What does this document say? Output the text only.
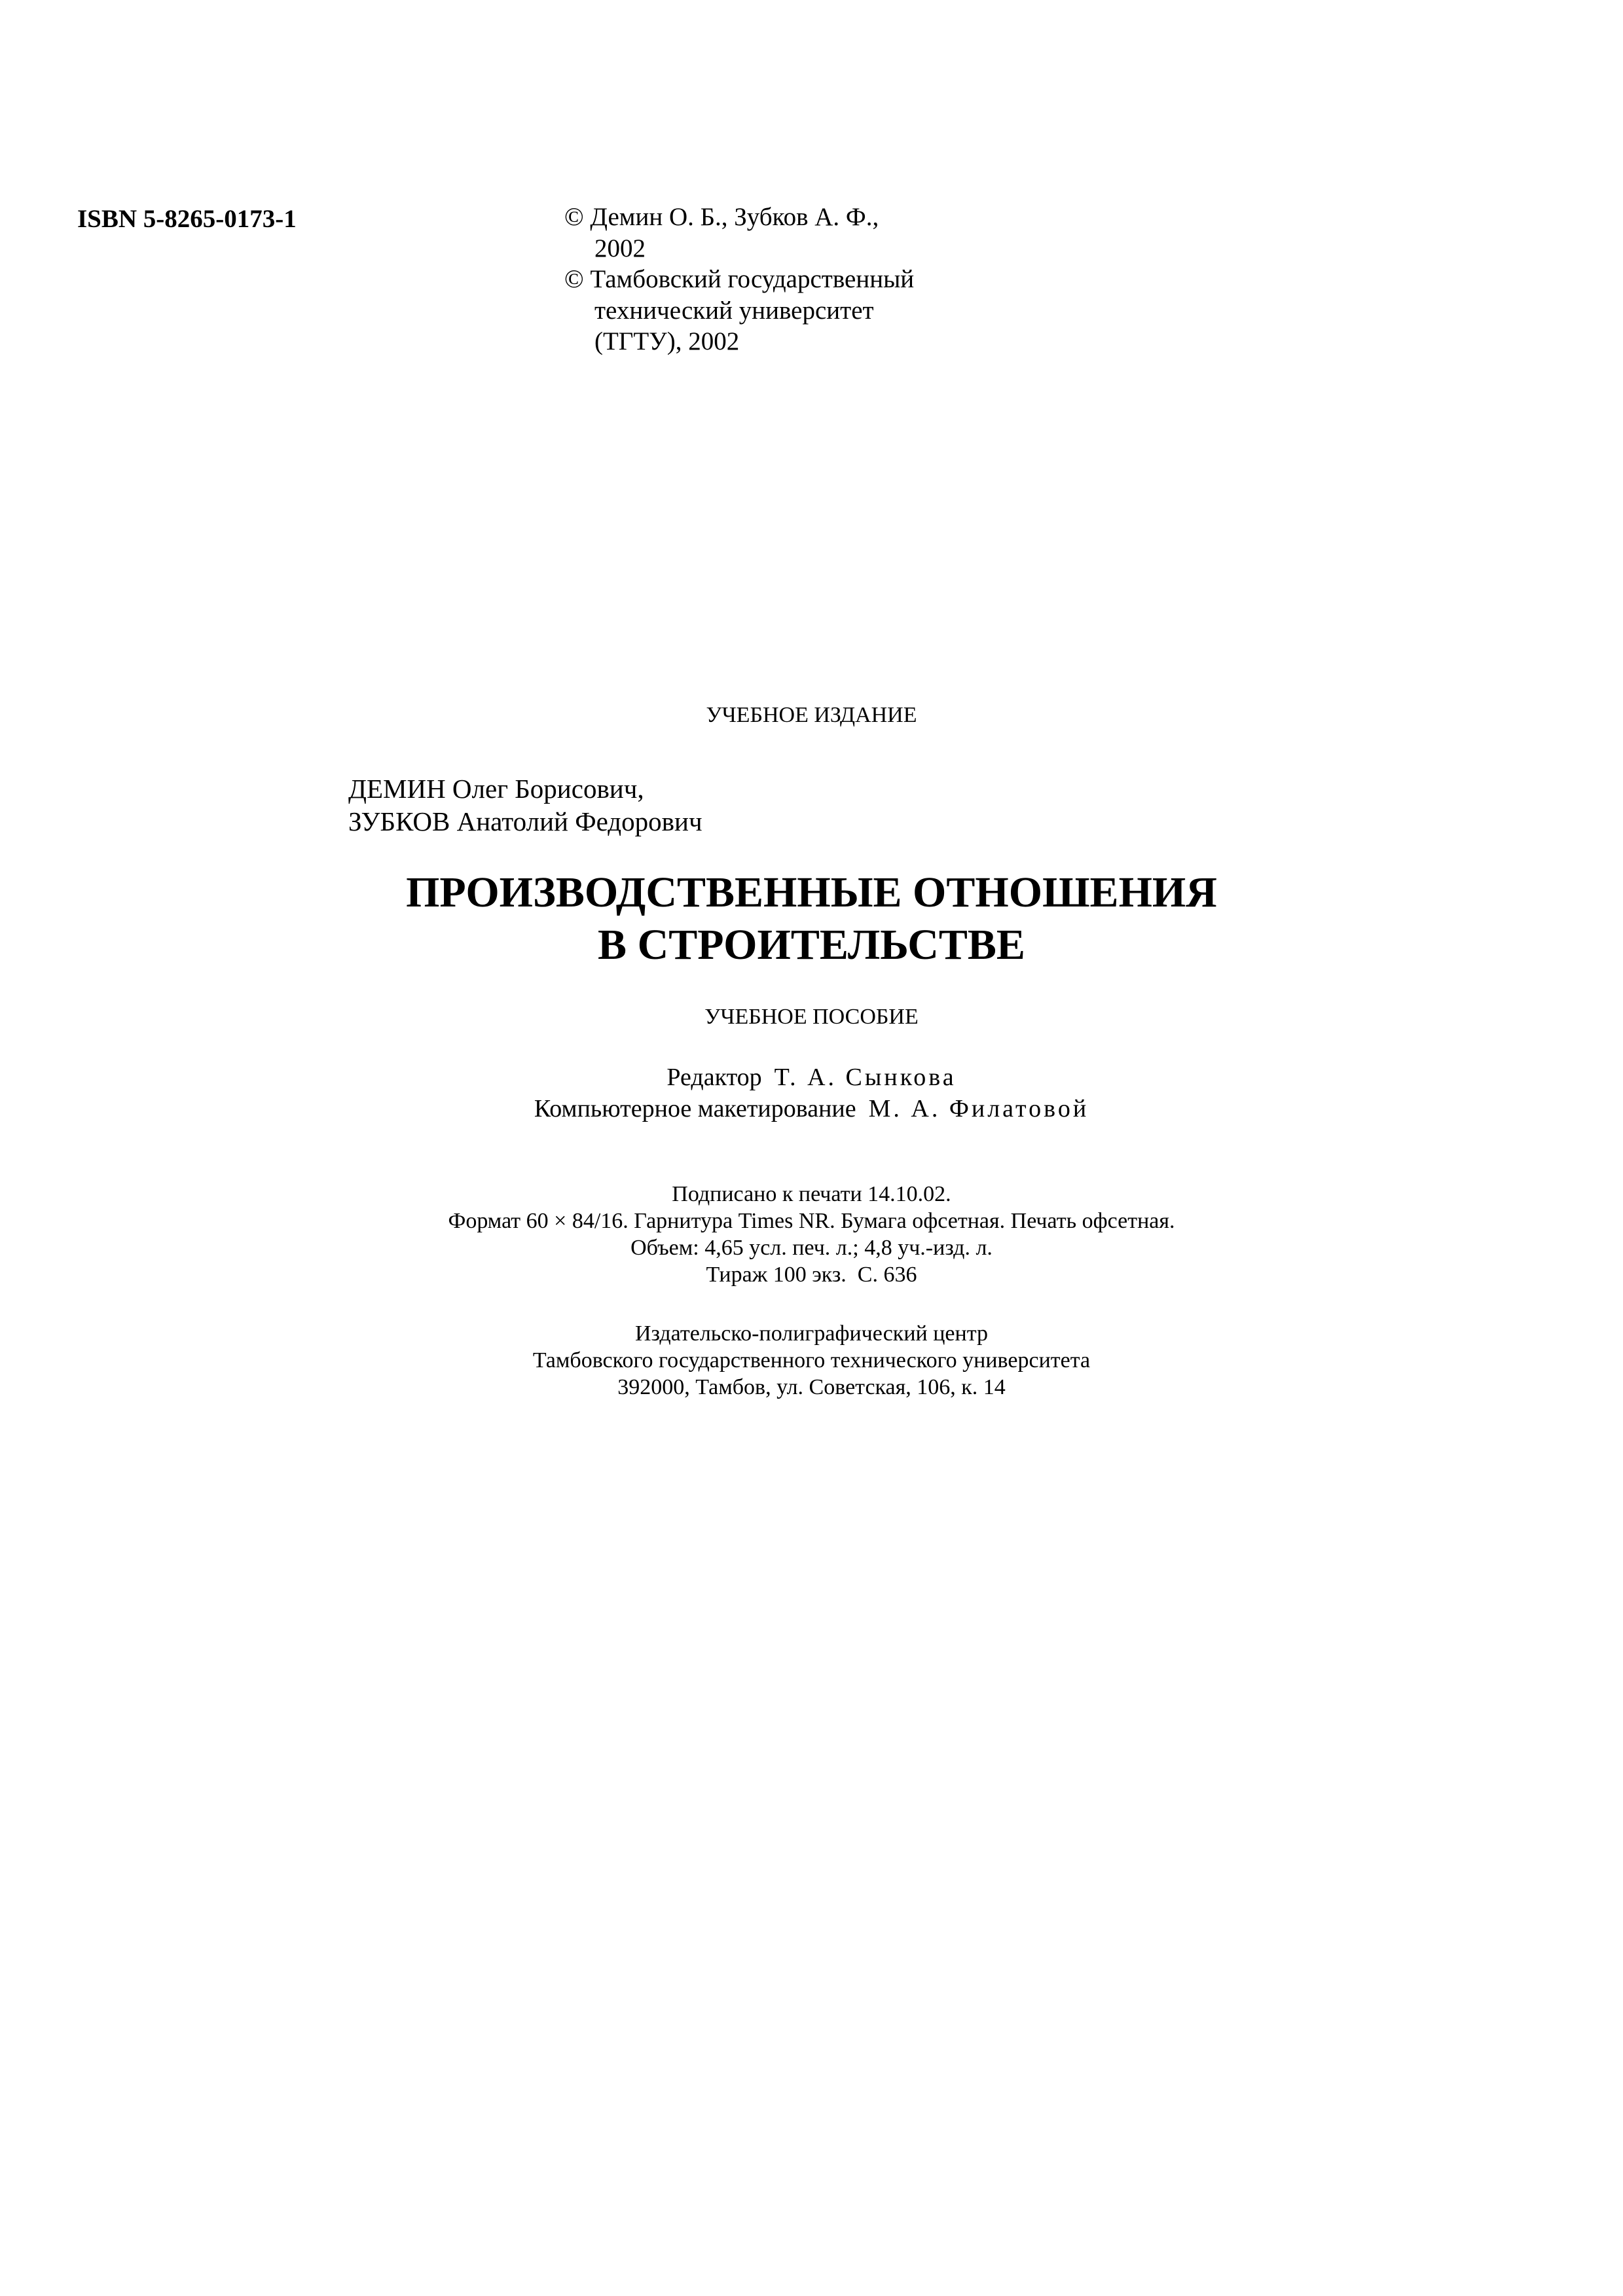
ISBN 5-8265-0173-1	© Демин О. Б., Зубков А. Ф.,
2002
© Тамбовский государственный
технический университет
(ТГТУ), 2002
УЧЕБНОЕ ИЗДАНИЕ
ДЕМИН Олег Борисович,
ЗУБКОВ Анатолий Федорович
ПРОИЗВОДСТВЕННЫЕ ОТНОШЕНИЯ
В СТРОИТЕЛЬСТВЕ
УЧЕБНОЕ ПОСОБИЕ
Редактор Т. А. Сынкова
Компьютерное макетирование М. А. Филатовой
Подписано к печати 14.10.02.
Формат 60 × 84/16. Гарнитура Times NR. Бумага офсетная. Печать офсетная.
Объем: 4,65 усл. печ. л.; 4,8 уч.-изд. л.
Тираж 100 экз.  С. 636
Издательско-полиграфический центр
Тамбовского государственного технического университета
392000, Тамбов, ул. Советская, 106, к. 14
